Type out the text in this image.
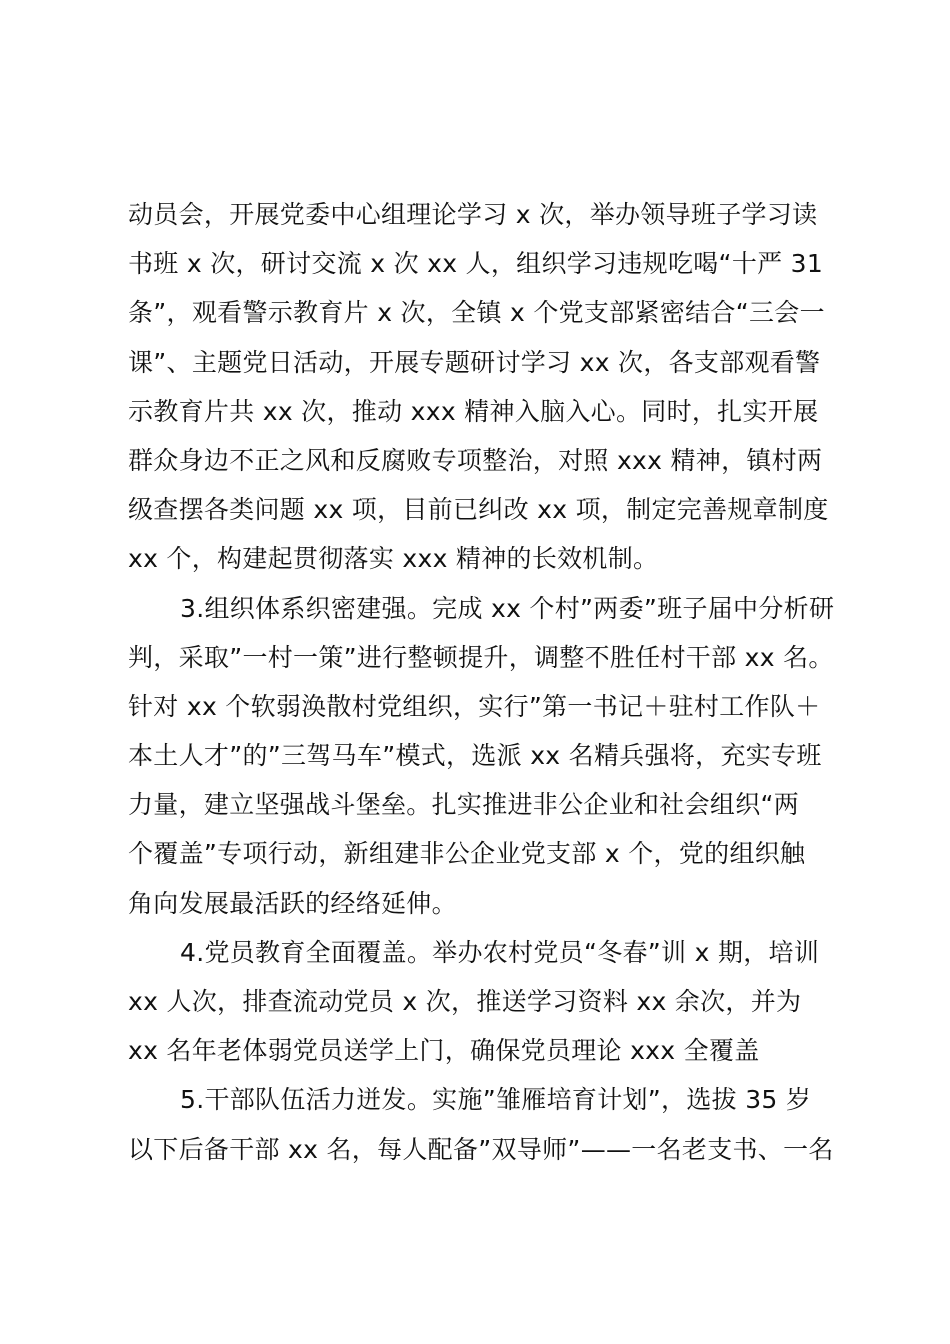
动员会，开展党委中心组理论学习 x 次，举办领导班子学习读
书班 x 次，研讨交流 x 次 xx 人，组织学习违规吃喝“十严 31
条”，观看警示教育片 x 次，全镇 x 个党支部紧密结合“三会一
课”、主题党日活动，开展专题研讨学习 xx 次，各支部观看警
示教育片共 xx 次，推动 xxx 精神入脑入心。同时，扎实开展
群众身边不正之风和反腐败专项整治，对照 xxx 精神，镇村两
级查摆各类问题 xx 项，目前已纠改 xx 项，制定完善规章制度
xx 个，构建起贯彻落实 xxx 精神的长效机制。
3.组织体系织密建强。完成 xx 个村”两委”班子届中分析研
判，采取”一村一策”进行整顿提升，调整不胜任村干部 xx 名。
针对 xx 个软弱涣散村党组织，实行”第一书记＋驻村工作队＋
本土人才”的”三驾马车”模式，选派 xx 名精兵强将，充实专班
力量，建立坚强战斗堡垒。扎实推进非公企业和社会组织“两
个覆盖”专项行动，新组建非公企业党支部 x 个，党的组织触
角向发展最活跃的经络延伸。
4.党员教育全面覆盖。举办农村党员“冬春”训 x 期，培训
xx 人次，排查流动党员 x 次，推送学习资料 xx 余次，并为
xx 名年老体弱党员送学上门，确保党员理论 xxx 全覆盖
5.干部队伍活力迸发。实施”雏雁培育计划”，选拔 35 岁
以下后备干部 xx 名，每人配备”双导师”——一名老支书、一名
